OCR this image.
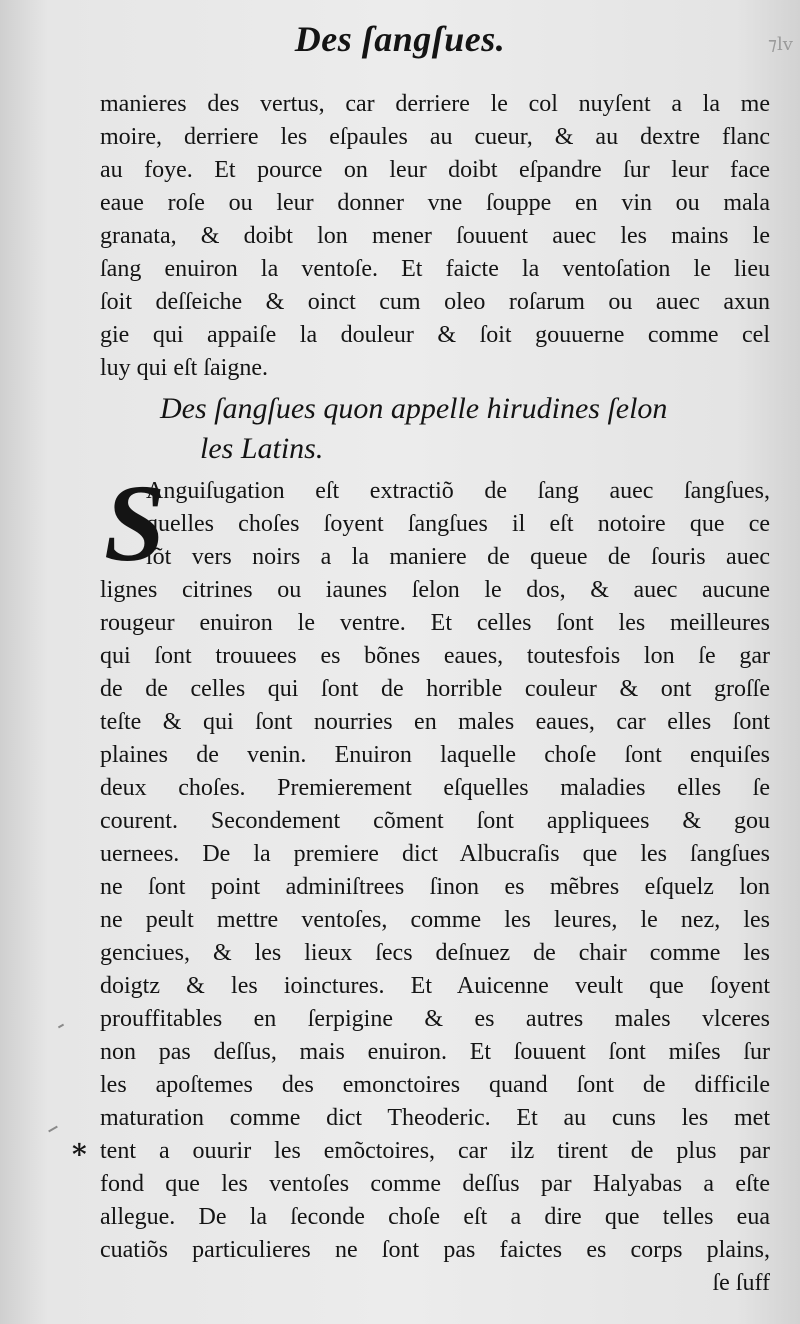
Des ſangſues.	⁊lv
manieres des vertus, car derriere le col nuyſent a la me
moire, derriere les eſpaules au cueur, & au dextre flanc
au foye. Et pource on leur doibt eſpandre ſur leur face
eaue roſe ou leur donner vne ſouppe en vin ou mala
granata, & doibt lon mener ſouuent auec les mains le
ſang enuiron la ventoſe. Et faicte la ventoſation le lieu
ſoit deſſeiche & oinct cum oleo roſarum ou auec axun
gie qui appaiſe la douleur & ſoit gouuerne comme cel
luy qui eſt ſaigne.
Des ſangſues quon appelle hirudines ſelon
les Latins.
S
Anguiſugation eſt extractiõ de ſang auec ſangſues,
quelles choſes ſoyent ſangſues il eſt notoire que ce
ſõt vers noirs a la maniere de queue de ſouris auec
lignes citrines ou iaunes ſelon le dos, & auec aucune
rougeur enuiron le ventre. Et celles ſont les meilleures
qui ſont trouuees es bõnes eaues, toutesfois lon ſe gar
de de celles qui ſont de horrible couleur & ont groſſe
teſte & qui ſont nourries en males eaues, car elles ſont
plaines de venin. Enuiron laquelle choſe ſont enquiſes
deux choſes. Premierement eſquelles maladies elles ſe
courent. Secondement cõment ſont appliquees & gou
uernees. De la premiere dict Albucraſis que les ſangſues
ne ſont point adminiſtrees ſinon es mẽbres eſquelz lon
ne peult mettre ventoſes, comme les leures, le nez, les
genciues, & les lieux ſecs deſnuez de chair comme les
doigtz & les ioinctures. Et Auicenne veult que ſoyent
prouffitables en ſerpigine & es autres males vlceres
non pas deſſus, mais enuiron. Et ſouuent ſont miſes ſur
les apoſtemes des emonctoires quand ſont de difficile
maturation comme dict Theoderic. Et au cuns les met
tent a ouurir les emõctoires, car ilz tirent de plus par
fond que les ventoſes comme deſſus par Halyabas a eſte
allegue. De la ſeconde choſe eſt a dire que telles eua
cuatiõs particulieres ne ſont pas faictes es corps plains,
ſe ſuff
*
